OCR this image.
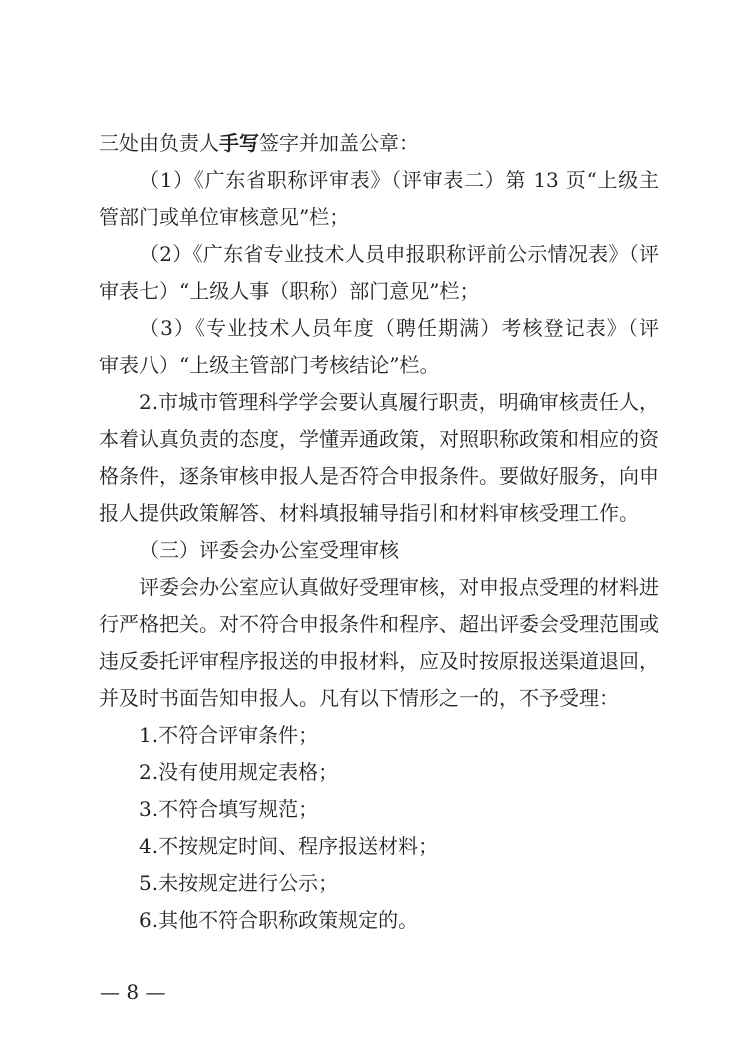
三处由负责人手写签字并加盖公章：
（1）《广东省职称评审表》（评审表二）第 13 页“上级主
管部门或单位审核意见”栏；
（2）《广东省专业技术人员申报职称评前公示情况表》（评
审表七）“上级人事（职称）部门意见”栏；
（3）《专业技术人员年度（聘任期满）考核登记表》（评
审表八）“上级主管部门考核结论”栏。
2.市城市管理科学学会要认真履行职责，明确审核责任人，
本着认真负责的态度，学懂弄通政策，对照职称政策和相应的资
格条件，逐条审核申报人是否符合申报条件。要做好服务，向申
报人提供政策解答、材料填报辅导指引和材料审核受理工作。
（三）评委会办公室受理审核
评委会办公室应认真做好受理审核，对申报点受理的材料进
行严格把关。对不符合申报条件和程序、超出评委会受理范围或
违反委托评审程序报送的申报材料，应及时按原报送渠道退回，
并及时书面告知申报人。凡有以下情形之一的，不予受理：
1.不符合评审条件；
2.没有使用规定表格；
3.不符合填写规范；
4.不按规定时间、程序报送材料；
5.未按规定进行公示；
6.其他不符合职称政策规定的。
— 8 —
